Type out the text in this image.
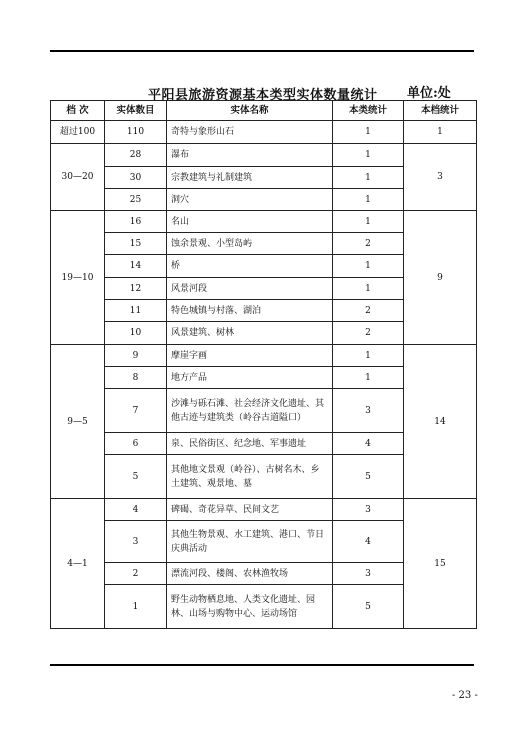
平阳县旅游资源基本类型实体数量统计 单位:处
档 次	实体数目	实体名称	本类统计	本档统计
超过100	110	奇特与象形山石	1	1
30—20	28	瀑布	1	3
	30	宗教建筑与礼制建筑	1	
	25	洞穴	1	
19—10	16	名山	1	9
	15	蚀余景观、小型岛屿	2	
	14	桥	1	
	12	风景河段	1	
	11	特色城镇与村落、湖泊	2	
	10	风景建筑、树林	2	
9—5	9	摩崖字画	1	14
	8	地方产品	1	
	7	沙滩与砾石滩、社会经济文化遗址、其他古迹与建筑类（岭谷古道隘口）	3	
	6	泉、民俗街区、纪念地、军事遗址	4	
	5	其他地文景观（岭谷）、古树名木、乡土建筑、观景地、墓	5	
4—1	4	碑碣、奇花异草、民间文艺	3	15
	3	其他生物景观、水工建筑、港口、节日庆典活动	4	
	2	漂流河段、楼阁、农林渔牧场	3	
	1	野生动物栖息地、人类文化遗址、园林、山场与购物中心、运动场馆	5	
- 23 -
